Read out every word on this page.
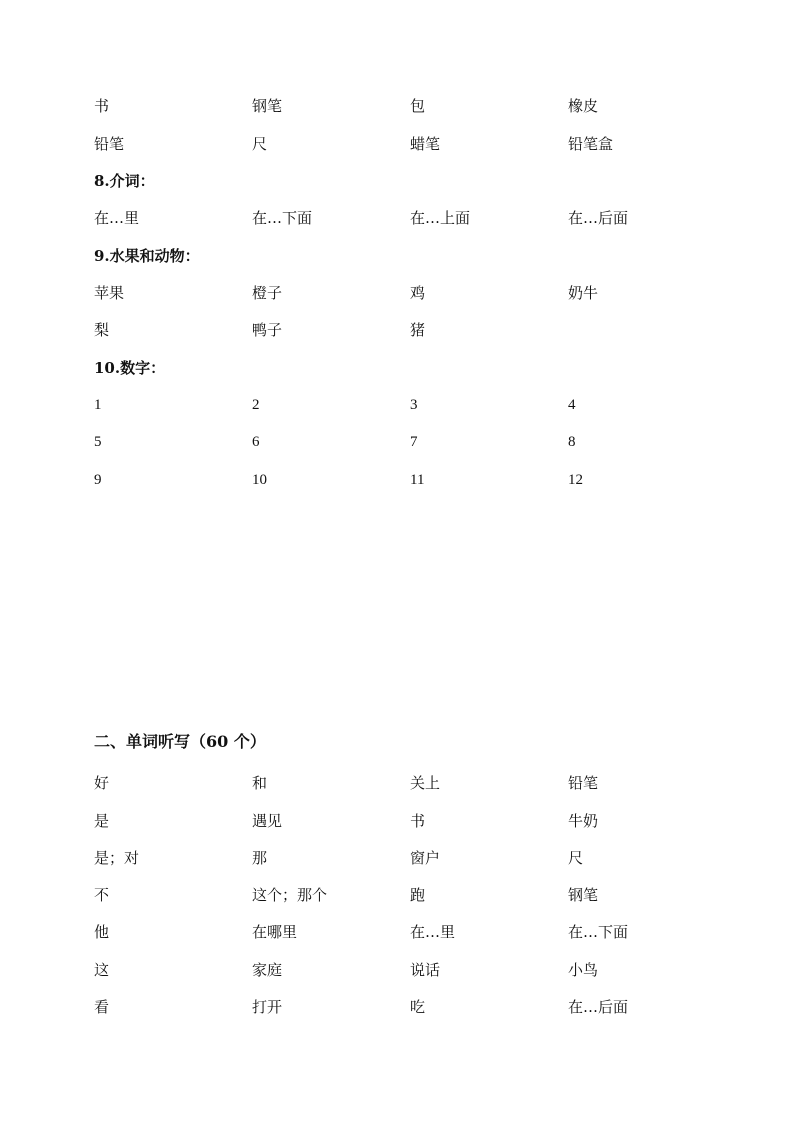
书	钢笔	包	橡皮
铅笔	尺	蜡笔	铅笔盒
8.介词：
在…里	在…下面	在…上面	在…后面
9.水果和动物：
苹果	橙子	鸡	奶牛
梨	鸭子	猪
10.数字：
1	2	3	4
5	6	7	8
9	10	11	12
二、单词听写（60 个）
好	和	关上	铅笔
是	遇见	书	牛奶
是；对	那	窗户	尺
不	这个；那个	跑	钢笔
他	在哪里	在…里	在…下面
这	家庭	说话	小鸟
看	打开	吃	在…后面
